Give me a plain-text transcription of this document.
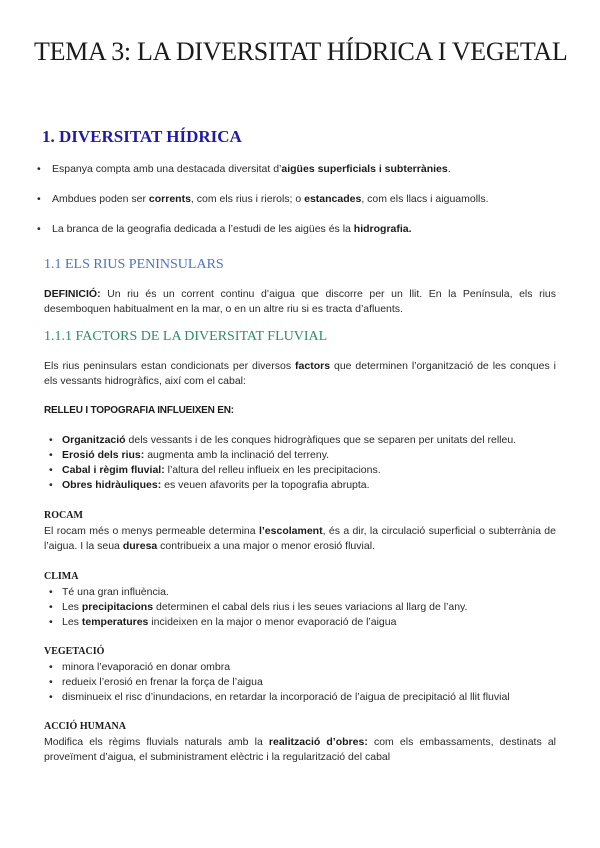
TEMA 3: LA DIVERSITAT HÍDRICA I VEGETAL
1. DIVERSITAT HÍDRICA
• Espanya compta amb una destacada diversitat d’aigües superficials i subterrànies.
• Ambdues poden ser corrents, com els rius i rierols; o estancades, com els llacs i aiguamolls.
• La branca de la geografia dedicada a l’estudi de les aigües és la hidrografia.
1.1 ELS RIUS PENINSULARS

DEFINICIÓ: Un riu és un corrent continu d’aigua que discorre per un llit. En la Península, els rius desemboquen habitualment en la mar, o en un altre riu si es tracta d’afluents.

1.1.1 FACTORS DE LA DIVERSITAT FLUVIAL

Els rius peninsulars estan condicionats per diversos factors que determinen l’organització de les conques i els vessants hidrogràfics, així com el cabal:

RELLEU I TOPOGRAFIA INFLUEIXEN EN:
• Organització dels vessants i de les conques hidrogràfiques que se separen per unitats del relleu.
• Erosió dels rius: augmenta amb la inclinació del terreny.
• Cabal i règim fluvial: l’altura del relleu influeix en les precipitacions.
• Obres hidràuliques: es veuen afavorits per la topografia abrupta.
ROCAM

El rocam més o menys permeable determina l’escolament, és a dir, la circulació superficial o subterrània de l’aigua. I la seua duresa contribueix a una major o menor erosió fluvial.

CLIMA
• Té una gran influència.
• Les precipitacions determinen el cabal dels rius i les seues variacions al llarg de l’any.
• Les temperatures incideixen en la major o menor evaporació de l’aigua
VEGETACIÓ
• minora l’evaporació en donar ombra
• redueix l’erosió en frenar la força de l’aigua
• disminueix el risc d’inundacions, en retardar la incorporació de l’aigua de precipitació al llit fluvial
ACCIÓ HUMANA

Modifica els règims fluvials naturals amb la realització d’obres: com els embassaments, destinats al proveïment d’aigua, el subministrament elèctric i la regularització del cabal
